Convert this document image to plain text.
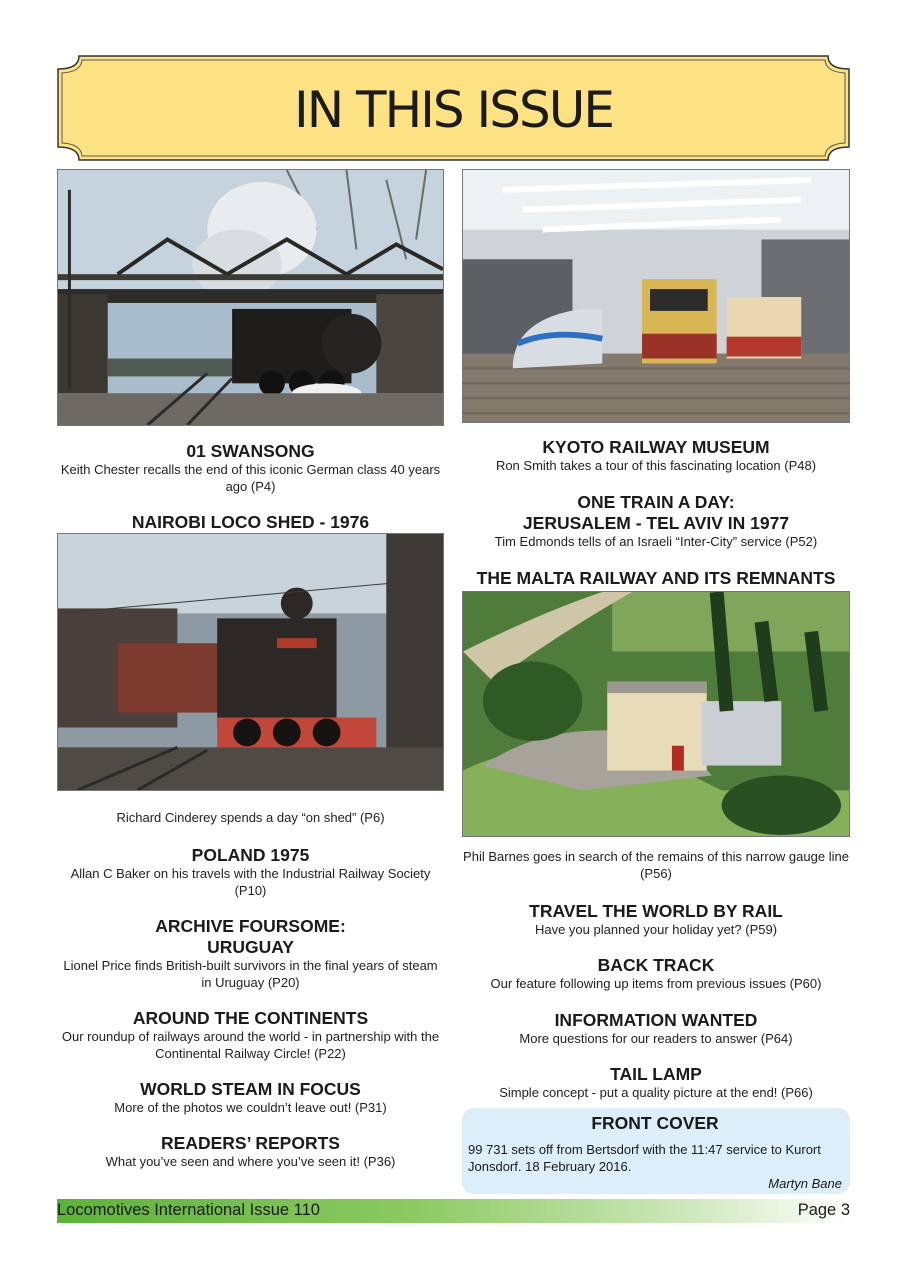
IN THIS ISSUE
01 SWANSONG
Keith Chester recalls the end of this iconic German class 40 years ago (P4)
NAIROBI LOCO SHED - 1976
Richard Cinderey spends a day “on shed” (P6)
POLAND 1975
Allan C Baker on his travels with the Industrial Railway Society (P10)
ARCHIVE FOURSOME:
URUGUAY
Lionel Price finds British-built survivors in the final years of steam in Uruguay (P20)
AROUND THE CONTINENTS
Our roundup of railways around the world - in partnership with the Continental Railway Circle! (P22)
WORLD STEAM IN FOCUS
More of the photos we couldn’t leave out! (P31)
READERS’ REPORTS
What you’ve seen and where you’ve seen it! (P36)
KYOTO RAILWAY MUSEUM
Ron Smith takes a tour of this fascinating location (P48)
ONE TRAIN A DAY:
JERUSALEM - TEL AVIV IN 1977
Tim Edmonds tells of an Israeli “Inter-City” service (P52)
THE MALTA RAILWAY AND ITS REMNANTS
Phil Barnes goes in search of the remains of this narrow gauge line (P56)
TRAVEL THE WORLD BY RAIL
Have you planned your holiday yet? (P59)
BACK TRACK
Our feature following up items from previous issues (P60)
INFORMATION WANTED
More questions for our readers to answer (P64)
TAIL LAMP
Simple concept - put a quality picture at the end! (P66)
FRONT COVER
99 731 sets off from Bertsdorf with the 11:47 service to Kurort Jonsdorf. 18 February 2016.
Martyn Bane
Locomotives International Issue 110	Page 3
